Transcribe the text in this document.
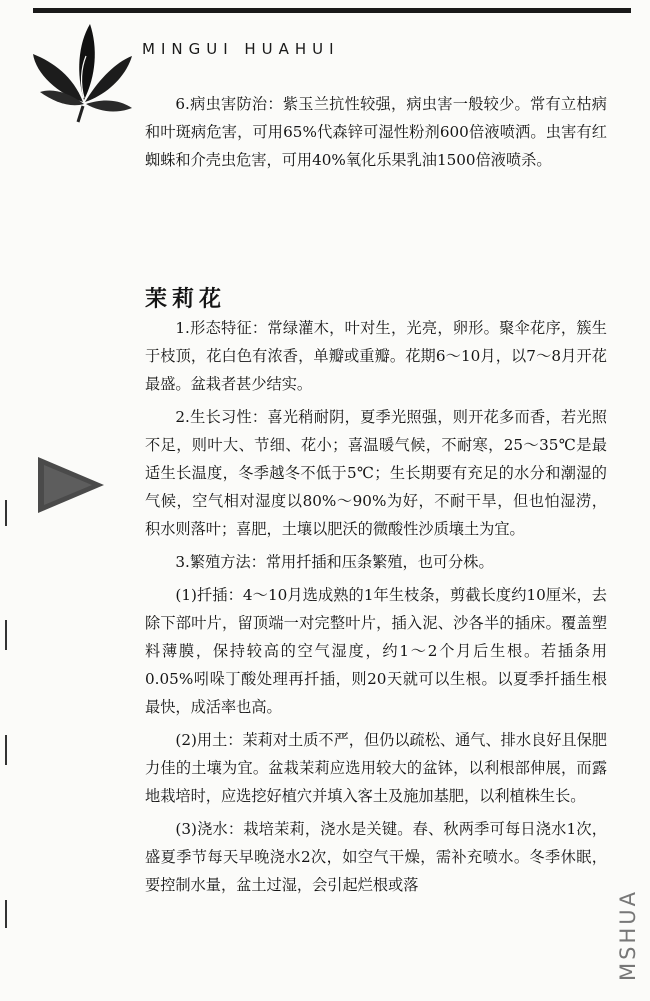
MINGUI HUAHUI

6.病虫害防治：紫玉兰抗性较强，病虫害一般较少。常有立枯病和叶斑病危害，可用65%代森锌可湿性粉剂600倍液喷洒。虫害有红蜘蛛和介壳虫危害，可用40%氧化乐果乳油1500倍液喷杀。

茉莉花

1.形态特征：常绿灌木，叶对生，光亮，卵形。聚伞花序，簇生于枝顶，花白色有浓香，单瓣或重瓣。花期6～10月，以7～8月开花最盛。盆栽者甚少结实。

2.生长习性：喜光稍耐阴，夏季光照强，则开花多而香，若光照不足，则叶大、节细、花小；喜温暖气候，不耐寒，25～35℃是最适生长温度，冬季越冬不低于5℃；生长期要有充足的水分和潮湿的气候，空气相对湿度以80%～90%为好，不耐干旱，但也怕湿涝，积水则落叶；喜肥，土壤以肥沃的微酸性沙质壤土为宜。

3.繁殖方法：常用扦插和压条繁殖，也可分株。

(1)扦插：4～10月选成熟的1年生枝条，剪截长度约10厘米，去除下部叶片，留顶端一对完整叶片，插入泥、沙各半的插床。覆盖塑料薄膜，保持较高的空气湿度，约1～2个月后生根。若插条用0.05%吲哚丁酸处理再扦插，则20天就可以生根。以夏季扦插生根最快，成活率也高。

(2)用土：茉莉对土质不严，但仍以疏松、通气、排水良好且保肥力佳的土壤为宜。盆栽茉莉应选用较大的盆钵，以利根部伸展，而露地栽培时，应选挖好植穴并填入客土及施加基肥，以利植株生长。

(3)浇水：栽培茉莉，浇水是关键。春、秋两季可每日浇水1次，盛夏季节每天早晚浇水2次，如空气干燥，需补充喷水。冬季休眠，要控制水量，盆土过湿，会引起烂根或落

MSHUA
